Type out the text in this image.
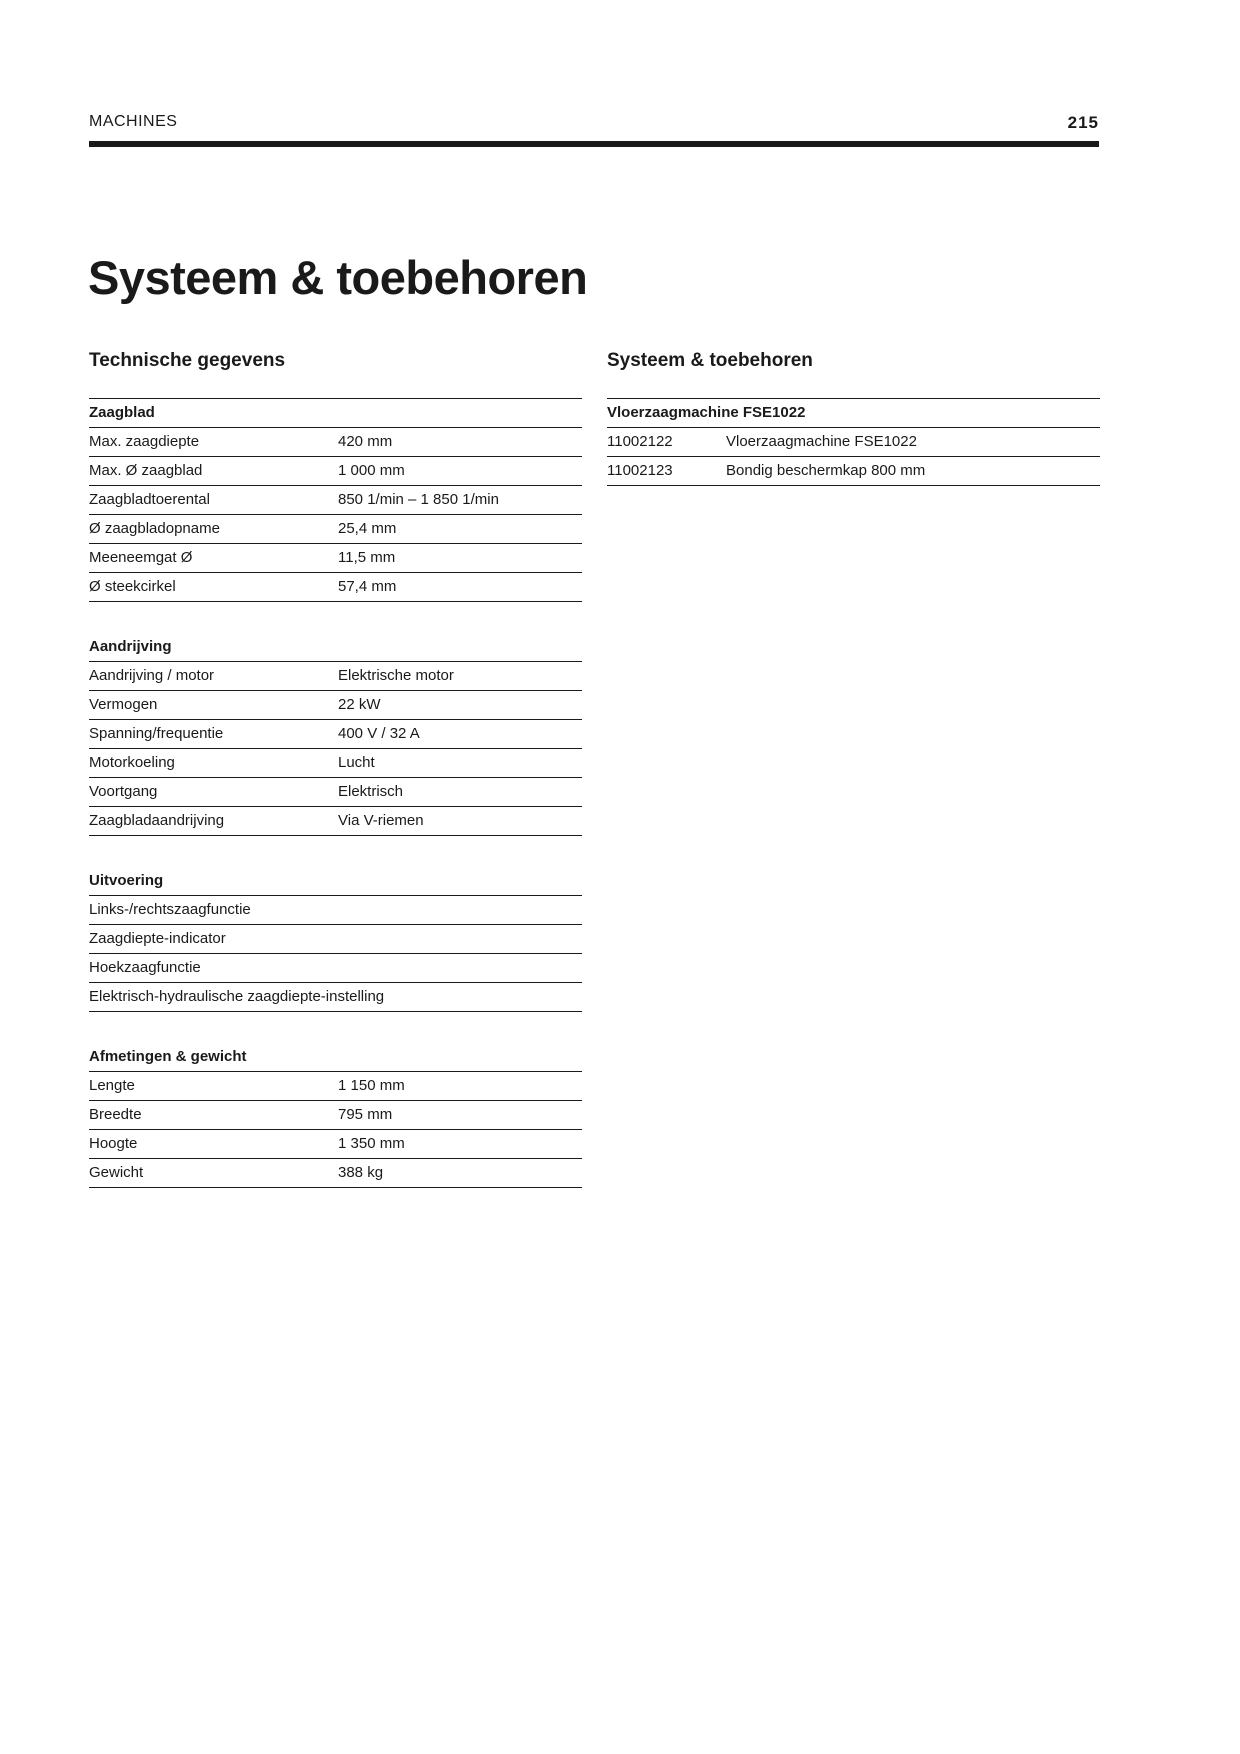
MACHINES	215
Systeem & toebehoren
Technische gegevens
Zaagblad
Max. zaagdiepte	420 mm
Max. Ø zaagblad	1 000 mm
Zaagbladtoerental	850 1/min – 1 850 1/min
Ø zaagbladopname	25,4 mm
Meeneemgat Ø	11,5 mm
Ø steekcirkel	57,4 mm
Aandrijving
Aandrijving / motor	Elektrische motor
Vermogen	22 kW
Spanning/frequentie	400 V / 32 A
Motorkoeling	Lucht
Voortgang	Elektrisch
Zaagbladaandrijving	Via V-riemen
Uitvoering
Links-/rechtszaagfunctie
Zaagdiepte-indicator
Hoekzaagfunctie
Elektrisch-hydraulische zaagdiepte-instelling
Afmetingen & gewicht
Lengte	1 150 mm
Breedte	795 mm
Hoogte	1 350 mm
Gewicht	388 kg
Systeem & toebehoren
Vloerzaagmachine FSE1022
11002122	Vloerzaagmachine FSE1022
11002123	Bondig beschermkap 800 mm
